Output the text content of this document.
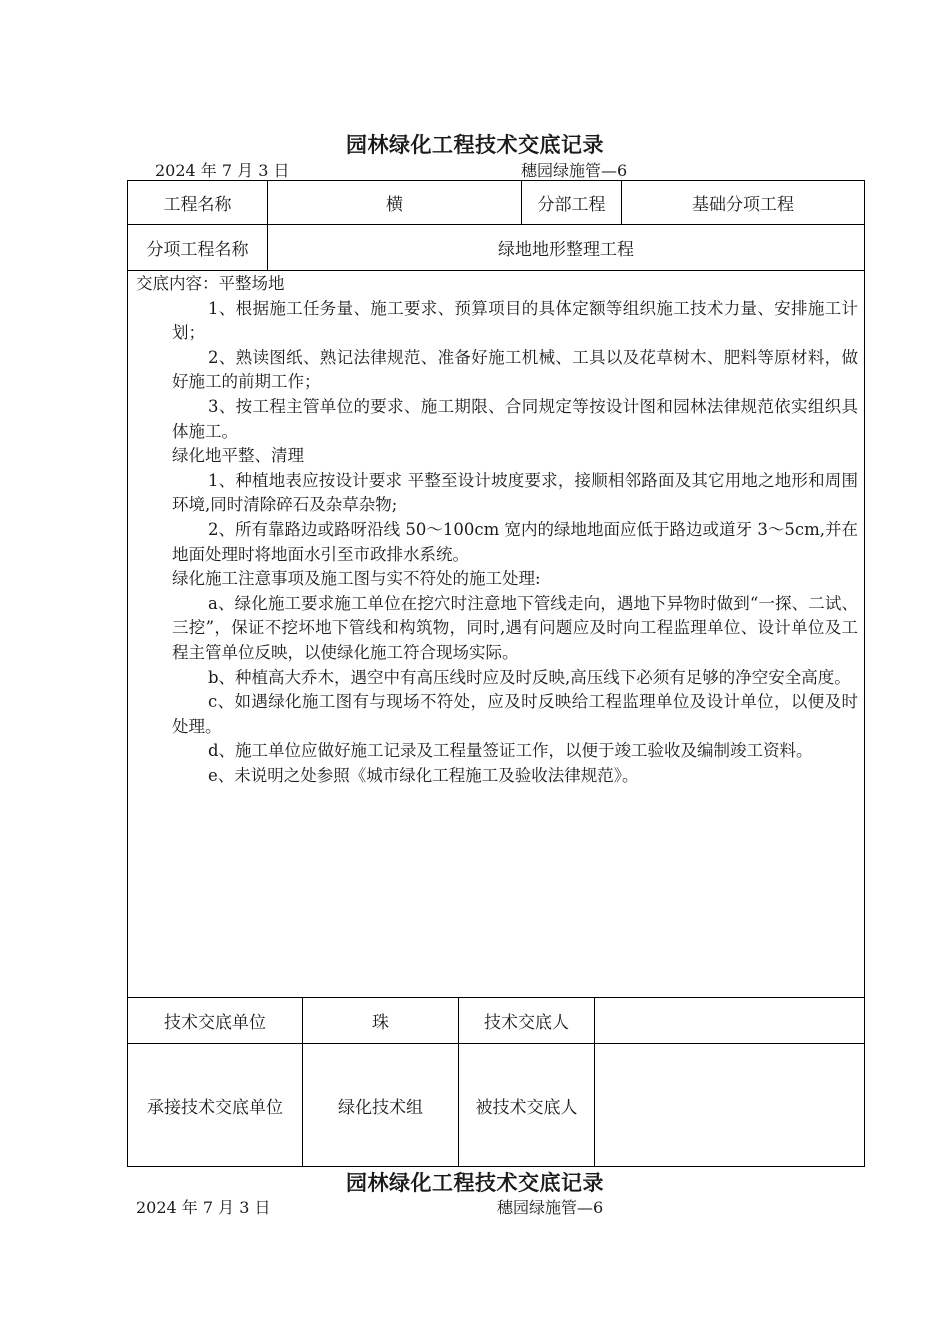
园林绿化工程技术交底记录
2024 年 7 月 3 日	穗园绿施管—6
工程名称	横	分部工程	基础分项工程
分项工程名称	绿地地形整理工程

交底内容：平整场地

1、根据施工任务量、施工要求、预算项目的具体定额等组织施工技术力量、安排施工计划；

2、熟读图纸、熟记法律规范、准备好施工机械、工具以及花草树木、肥料等原材料，做好施工的前期工作；

3、按工程主管单位的要求、施工期限、合同规定等按设计图和园林法律规范依实组织具体施工。

绿化地平整、清理

1、种植地表应按设计要求 平整至设计坡度要求，接顺相邻路面及其它用地之地形和周围环境,同时清除碎石及杂草杂物;

2、所有靠路边或路呀沿线 50～100cm 宽内的绿地地面应低于路边或道牙 3～5cm,并在地面处理时将地面水引至市政排水系统。

绿化施工注意事项及施工图与实不符处的施工处理:

a、绿化施工要求施工单位在挖穴时注意地下管线走向，遇地下异物时做到“一探、二试、三挖”，保证不挖坏地下管线和构筑物，同时,遇有问题应及时向工程监理单位、设计单位及工程主管单位反映，以使绿化施工符合现场实际。

b、种植高大乔木，遇空中有高压线时应及时反映,高压线下必须有足够的净空安全高度。

c、如遇绿化施工图有与现场不符处，应及时反映给工程监理单位及设计单位，以便及时处理。

d、施工单位应做好施工记录及工程量签证工作，以便于竣工验收及编制竣工资料。

e、未说明之处参照《城市绿化工程施工及验收法律规范》。

技术交底单位	珠	技术交底人
承接技术交底单位	绿化技术组	被技术交底人
园林绿化工程技术交底记录
2024 年 7 月 3 日	穗园绿施管—6
